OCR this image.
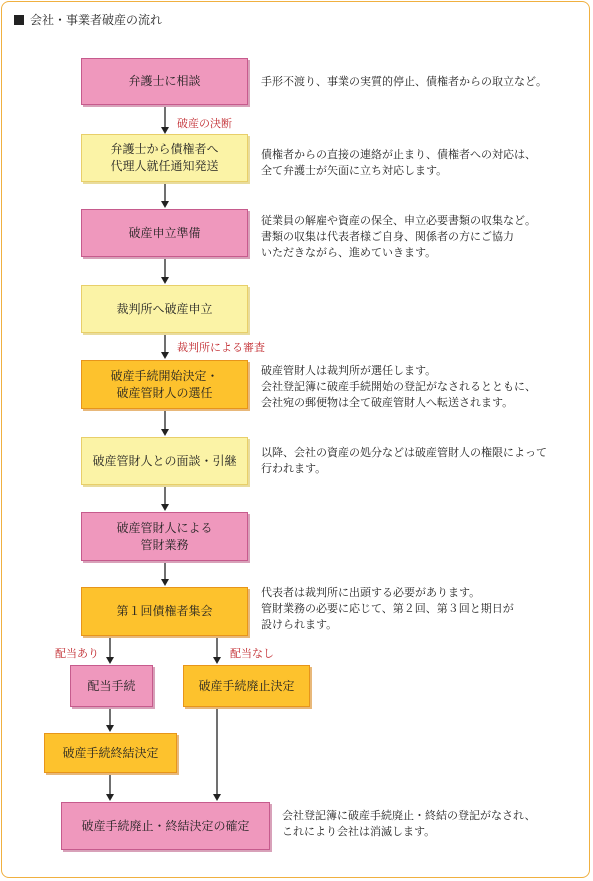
会社・事業者破産の流れ
破産の決断
裁判所による審査
配当あり	配当なし
弁護士に相談
弁護士から債権者へ
代理人就任通知発送
破産申立準備
裁判所へ破産申立
破産手続開始決定・
破産管財人の選任
破産管財人との面談・引継
破産管財人による
管財業務
第１回債権者集会
配当手続	破産手続廃止決定
破産手続終結決定
破産手続廃止・終結決定の確定
手形不渡り、事業の実質的停止、債権者からの取立など。
債権者からの直接の連絡が止まり、債権者への対応は、
全て弁護士が矢面に立ち対応します。
従業員の解雇や資産の保全、申立必要書類の収集など。
書類の収集は代表者様ご自身、関係者の方にご協力
いただきながら、進めていきます。
破産管財人は裁判所が選任します。
会社登記簿に破産手続開始の登記がなされるとともに、
会社宛の郵便物は全て破産管財人へ転送されます。
以降、会社の資産の処分などは破産管財人の権限によって
行われます。
代表者は裁判所に出頭する必要があります。
管財業務の必要に応じて、第２回、第３回と期日が
設けられます。
会社登記簿に破産手続廃止・終結の登記がなされ、
これにより会社は消滅します。
